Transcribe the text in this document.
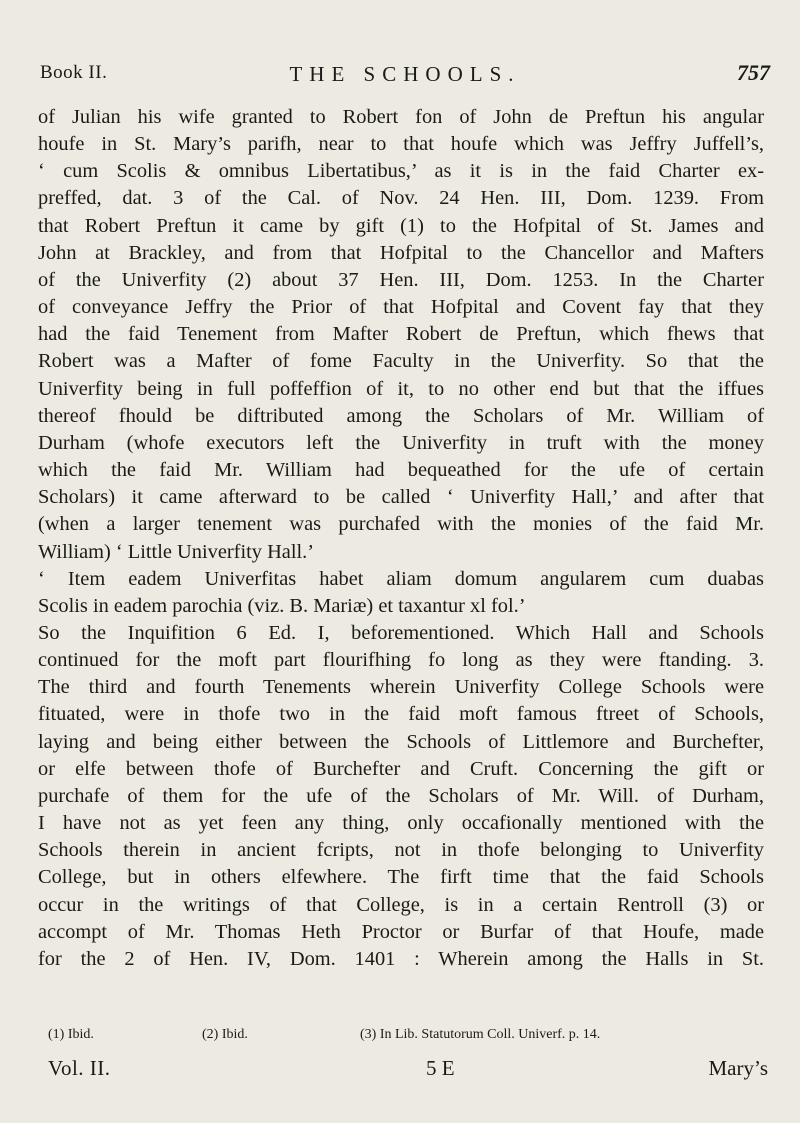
Book II.	THE SCHOOLS.	757
of Julian his wife granted to Robert fon of John de Preftun his angular
houfe in St. Mary’s parifh, near to that houfe which was Jeffry Juffell’s,
‘ cum Scolis & omnibus Libertatibus,’ as it is in the faid Charter ex-
preffed, dat. 3 of the Cal. of Nov. 24 Hen. III, Dom. 1239. From
that Robert Preftun it came by gift (1) to the Hofpital of St. James and
John at Brackley, and from that Hofpital to the Chancellor and Mafters
of the Univerfity (2) about 37 Hen. III, Dom. 1253. In the Charter
of conveyance Jeffry the Prior of that Hofpital and Covent fay that they
had the faid Tenement from Mafter Robert de Preftun, which fhews that
Robert was a Mafter of fome Faculty in the Univerfity. So that the
Univerfity being in full poffeffion of it, to no other end but that the iffues
thereof fhould be diftributed among the Scholars of Mr. William of
Durham (whofe executors left the Univerfity in truft with the money
which the faid Mr. William had bequeathed for the ufe of certain
Scholars) it came afterward to be called ‘ Univerfity Hall,’ and after that
(when a larger tenement was purchafed with the monies of the faid Mr.
William) ‘ Little Univerfity Hall.’
‘ Item eadem Univerfitas habet aliam domum angularem cum duabas
Scolis in eadem parochia (viz. B. Mariæ) et taxantur xl fol.’
So the Inquifition 6 Ed. I, beforementioned. Which Hall and Schools
continued for the moft part flourifhing fo long as they were ftanding. 3.
The third and fourth Tenements wherein Univerfity College Schools were
fituated, were in thofe two in the faid moft famous ftreet of Schools,
laying and being either between the Schools of Littlemore and Burchefter,
or elfe between thofe of Burchefter and Cruft. Concerning the gift or
purchafe of them for the ufe of the Scholars of Mr. Will. of Durham,
I have not as yet feen any thing, only occafionally mentioned with the
Schools therein in ancient fcripts, not in thofe belonging to Univerfity
College, but in others elfewhere. The firft time that the faid Schools
occur in the writings of that College, is in a certain Rentroll (3) or
accompt of Mr. Thomas Heth Proctor or Burfar of that Houfe, made
for the 2 of Hen. IV, Dom. 1401 : Wherein among the Halls in St.
(1) Ibid.	(2) Ibid.	(3) In Lib. Statutorum Coll. Univerf. p. 14.
Vol. II.	5 E	Mary’s
